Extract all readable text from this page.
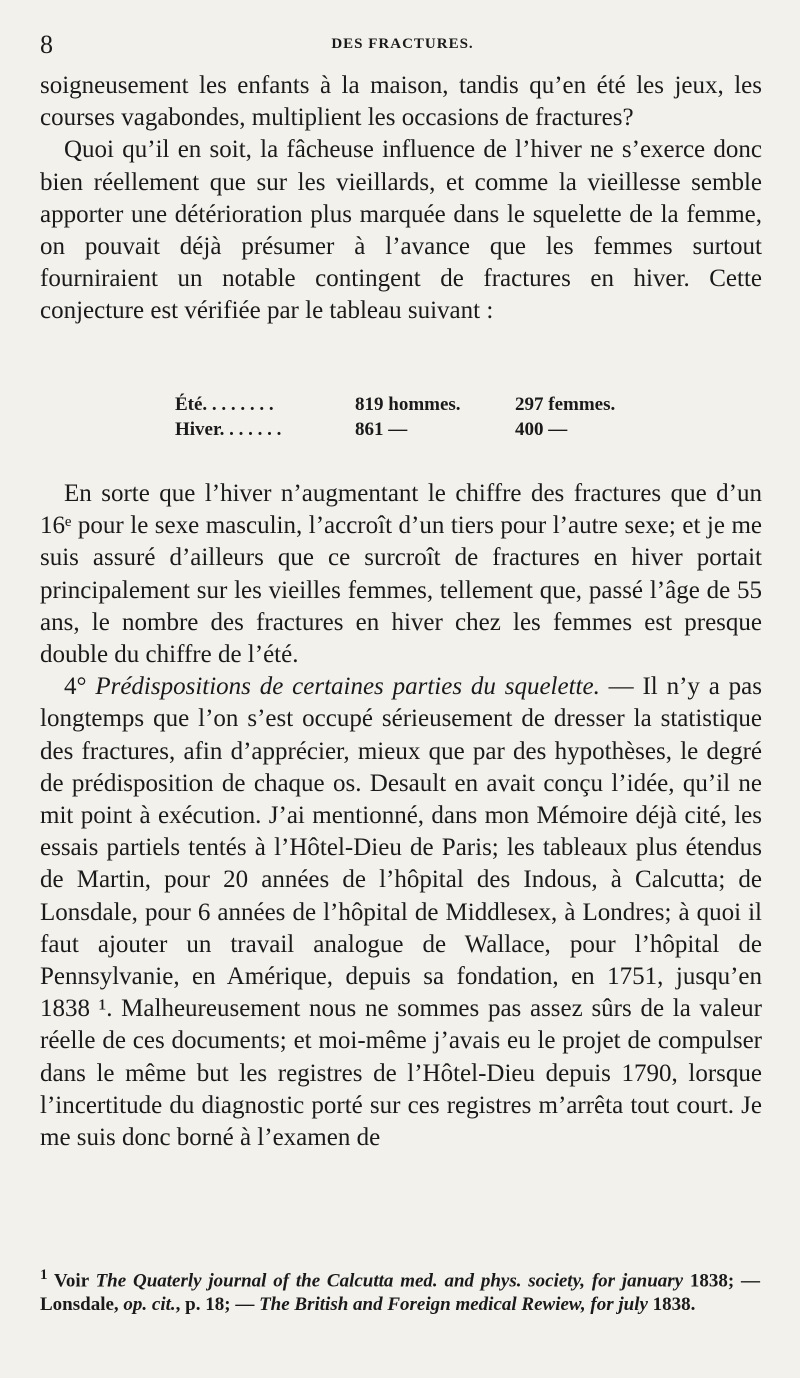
8	DES FRACTURES.

soigneusement les enfants à la maison, tandis qu’en été les jeux, les courses vagabondes, multiplient les occasions de fractures?

Quoi qu’il en soit, la fâcheuse influence de l’hiver ne s’exerce donc bien réellement que sur les vieillards, et comme la vieillesse semble apporter une détérioration plus marquée dans le squelette de la femme, on pouvait déjà présumer à l’avance que les femmes surtout fourniraient un notable contingent de fractures en hiver. Cette conjecture est vérifiée par le tableau suivant :

Été. . . . . . . .	819 hommes.	297 femmes.
Hiver. . . . . . .	861 —	400 —

En sorte que l’hiver n’augmentant le chiffre des fractures que d’un 16ᵉ pour le sexe masculin, l’accroît d’un tiers pour l’autre sexe; et je me suis assuré d’ailleurs que ce surcroît de fractures en hiver portait principalement sur les vieilles femmes, tellement que, passé l’âge de 55 ans, le nombre des fractures en hiver chez les femmes est presque double du chiffre de l’été.

4° Prédispositions de certaines parties du squelette. — Il n’y a pas longtemps que l’on s’est occupé sérieusement de dresser la statistique des fractures, afin d’apprécier, mieux que par des hypothèses, le degré de prédisposition de chaque os. Desault en avait conçu l’idée, qu’il ne mit point à exécution. J’ai mentionné, dans mon Mémoire déjà cité, les essais partiels tentés à l’Hôtel-Dieu de Paris; les tableaux plus étendus de Martin, pour 20 années de l’hôpital des Indous, à Calcutta; de Lonsdale, pour 6 années de l’hôpital de Middlesex, à Londres; à quoi il faut ajouter un travail analogue de Wallace, pour l’hôpital de Pennsylvanie, en Amérique, depuis sa fondation, en 1751, jusqu’en 1838 ¹. Malheureusement nous ne sommes pas assez sûrs de la valeur réelle de ces documents; et moi-même j’avais eu le projet de compulser dans le même but les registres de l’Hôtel-Dieu depuis 1790, lorsque l’incertitude du diagnostic porté sur ces registres m’arrêta tout court. Je me suis donc borné à l’examen de

$^1$ Voir The Quaterly journal of the Calcutta med. and phys. society, for january 1838; — Lonsdale, op. cit., p. 18; — The British and Foreign medical Rewiew, for july 1838.
